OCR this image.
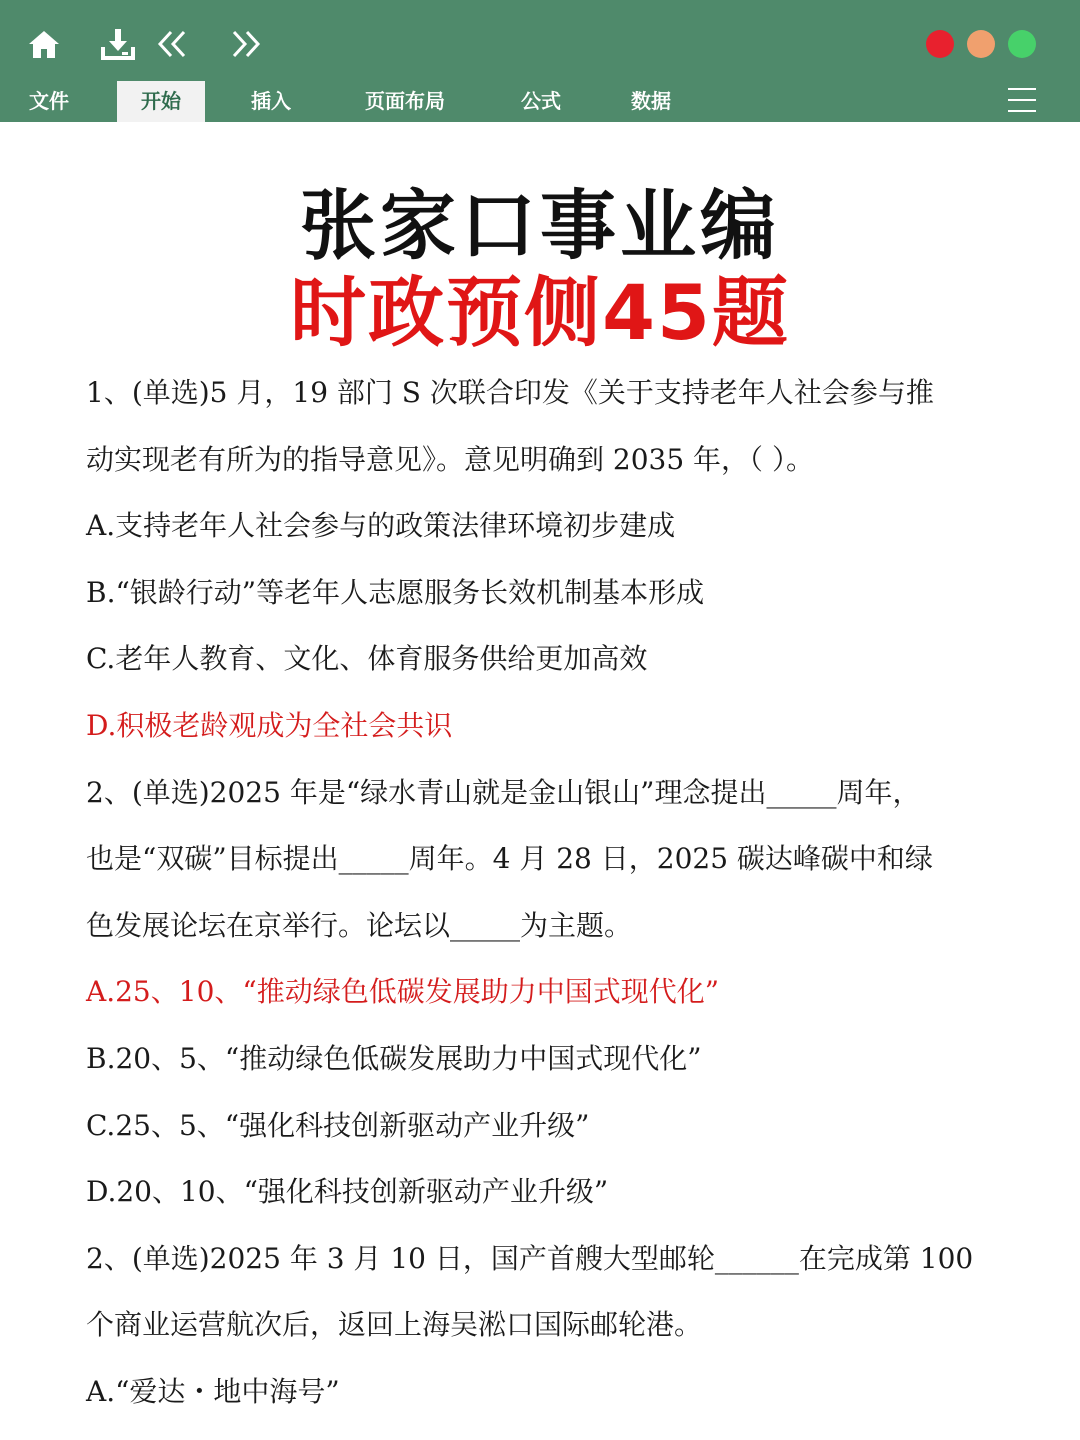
文件	开始	插入	页面布局	公式	数据
张家口事业编
时政预侧45题
1、(单选)5 月，19 部门 S 次联合印发《关于支持老年人社会参与推
动实现老有所为的指导意见》。意见明确到 2035 年，（ ）。
A.支持老年人社会参与的政策法律环境初步建成
B.“银龄行动”等老年人志愿服务长效机制基本形成
C.老年人教育、文化、体育服务供给更加高效
D.积极老龄观成为全社会共识
2、(单选)2025 年是“绿水青山就是金山银山”理念提出_____周年，
也是“双碳”目标提出_____周年。4 月 28 日，2025 碳达峰碳中和绿
色发展论坛在京举行。论坛以_____为主题。
A.25、10、“推动绿色低碳发展助力中国式现代化”
B.20、5、“推动绿色低碳发展助力中国式现代化”
C.25、5、“强化科技创新驱动产业升级”
D.20、10、“强化科技创新驱动产业升级”
2、(单选)2025 年 3 月 10 日，国产首艘大型邮轮______在完成第 100
个商业运营航次后，返回上海吴淞口国际邮轮港。
A.“爱达・地中海号”
